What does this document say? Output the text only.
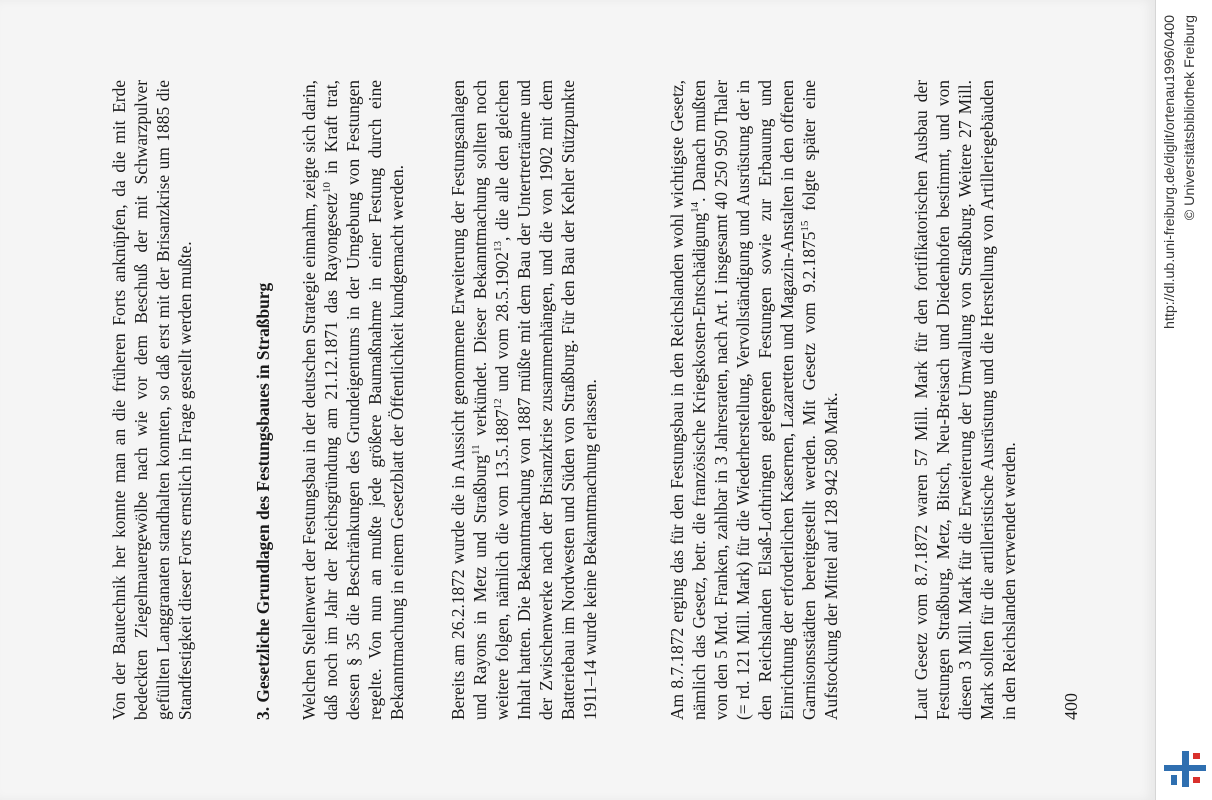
Von der Bautechnik her konnte man an die früheren Forts anknüpfen, da die mit Erde bedeckten Ziegelmauergewölbe nach wie vor dem Beschuß der mit Schwarzpulver gefüllten Langgranaten standhalten konnten, so daß erst mit der Brisanzkrise um 1885 die Standfestigkeit dieser Forts ernstlich in Frage gestellt werden mußte.	3. Gesetzliche Grundlagen des Festungsbaues in Straßburg Welchen Stellenwert der Festungsbau in der deutschen Strategie einnahm, zeigte sich darin, daß noch im Jahr der Reichsgründung am 21.12.1871 das Rayongesetz$^{10}$ in Kraft trat, dessen § 35 die Beschränkungen des Grundeigentums in der Umgebung von Festungen regelte. Von nun an mußte jede größere Baumaßnahme in einer Festung durch eine Bekanntmachung in einem Gesetzblatt der Öffentlichkeit kundgemacht werden. Bereits am 26.2.1872 wurde die in Aussicht genommene Erweiterung der Festungsanlagen und Rayons in Metz und Straßburg$^{11}$ verkündet. Dieser Bekanntmachung sollten noch weitere folgen, nämlich die vom 13.5.1887$^{12}$ und vom 28.5.1902$^{13}$, die alle den gleichen Inhalt hatten. Die Bekanntmachung von 1887 müßte mit dem Bau der Untertreträume und der Zwischenwerke nach der Brisanzkrise zusammenhängen, und die von 1902 mit dem Batteriebau im Nordwesten und Süden von Straßburg. Für den Bau der Kehler Stützpunkte 1911–14 wurde keine Bekanntmachung erlassen.	Am 8.7.1872 erging das für den Festungsbau in den Reichslanden wohl wichtigste Gesetz, nämlich das Gesetz, betr. die französische Kriegskosten-Entschädigung$^{14}$. Danach mußten von den 5 Mrd. Franken, zahlbar in 3 Jahresraten, nach Art. I insgesamt 40 250 950 Thaler (= rd. 121 Mill. Mark) für die Wiederherstellung, Vervollständigung und Ausrüstung der in den Reichslanden Elsaß-Lothringen gelegenen Festungen sowie zur Erbauung und Einrichtung der erforderlichen Kasernen, Lazaretten und Magazin-Anstalten in den offenen Garnisonsstädten bereitgestellt werden. Mit Gesetz vom 9.2.1875$^{15}$ folgte später eine Aufstockung der Mittel auf 128 942 580 Mark.	Laut Gesetz vom 8.7.1872 waren 57 Mill. Mark für den fortifikatorischen Ausbau der Festungen Straßburg, Metz, Bitsch, Neu-Breisach und Diedenhofen bestimmt, und von diesen 3 Mill. Mark für die Erweiterung der Umwallung von Straßburg. Weitere 27 Mill. Mark sollten für die artilleristische Ausrüstung und die Herstellung von Artilleriegebäuden in den Reichslanden verwendet werden. 400
http://dl.ub.uni-freiburg.de/diglit/ortenau1996/0400 © Universitätsbibliothek Freiburg
